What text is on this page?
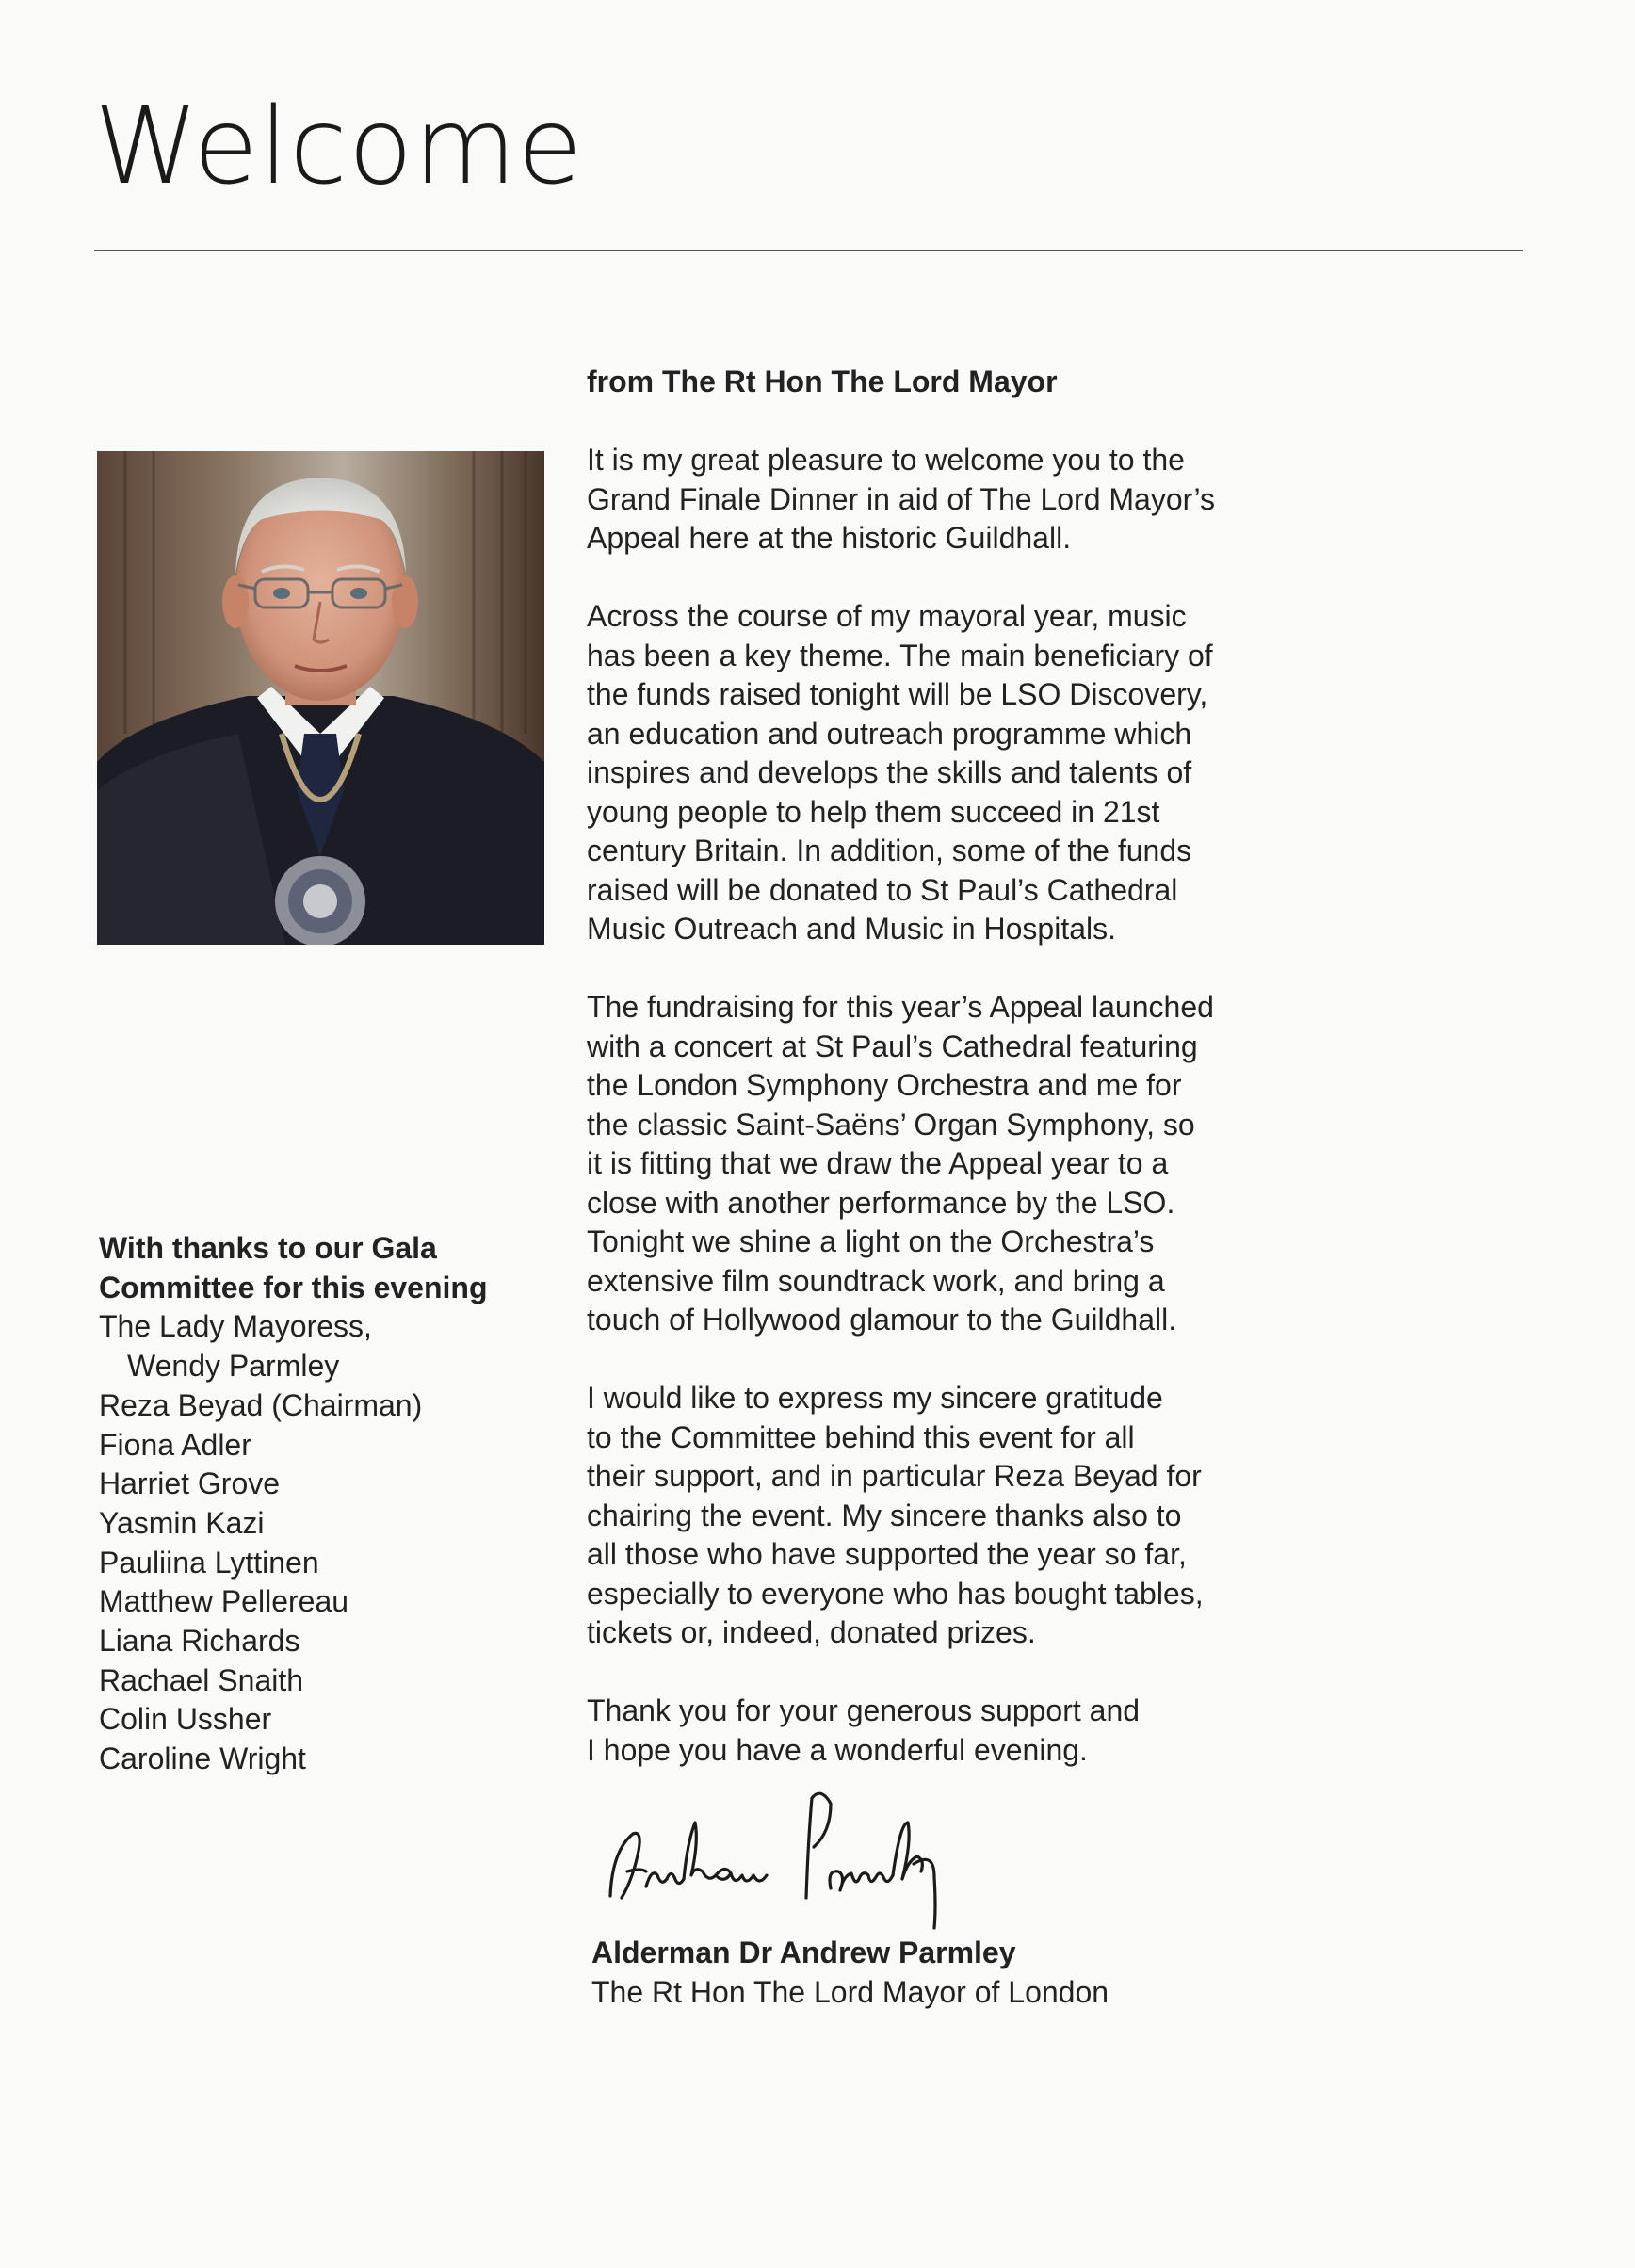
Welcome

With thanks to our Gala
Committee for this evening

The Lady Mayoress,
Wendy Parmley
Reza Beyad (Chairman)
Fiona Adler
Harriet Grove
Yasmin Kazi
Pauliina Lyttinen
Matthew Pellereau
Liana Richards
Rachael Snaith
Colin Ussher
Caroline Wright

from The Rt Hon The Lord Mayor

It is my great pleasure to welcome you to the
Grand Finale Dinner in aid of The Lord Mayor’s
Appeal here at the historic Guildhall.

Across the course of my mayoral year, music
has been a key theme. The main beneficiary of
the funds raised tonight will be LSO Discovery,
an education and outreach programme which
inspires and develops the skills and talents of
young people to help them succeed in 21st
century Britain. In addition, some of the funds
raised will be donated to St Paul’s Cathedral
Music Outreach and Music in Hospitals.

The fundraising for this year’s Appeal launched
with a concert at St Paul’s Cathedral featuring
the London Symphony Orchestra and me for
the classic Saint-Saëns’ Organ Symphony, so
it is fitting that we draw the Appeal year to a
close with another performance by the LSO.
Tonight we shine a light on the Orchestra’s
extensive film soundtrack work, and bring a
touch of Hollywood glamour to the Guildhall.

I would like to express my sincere gratitude
to the Committee behind this event for all
their support, and in particular Reza Beyad for
chairing the event. My sincere thanks also to
all those who have supported the year so far,
especially to everyone who has bought tables,
tickets or, indeed, donated prizes.

Thank you for your generous support and
I hope you have a wonderful evening.

Alderman Dr Andrew Parmley
The Rt Hon The Lord Mayor of London
